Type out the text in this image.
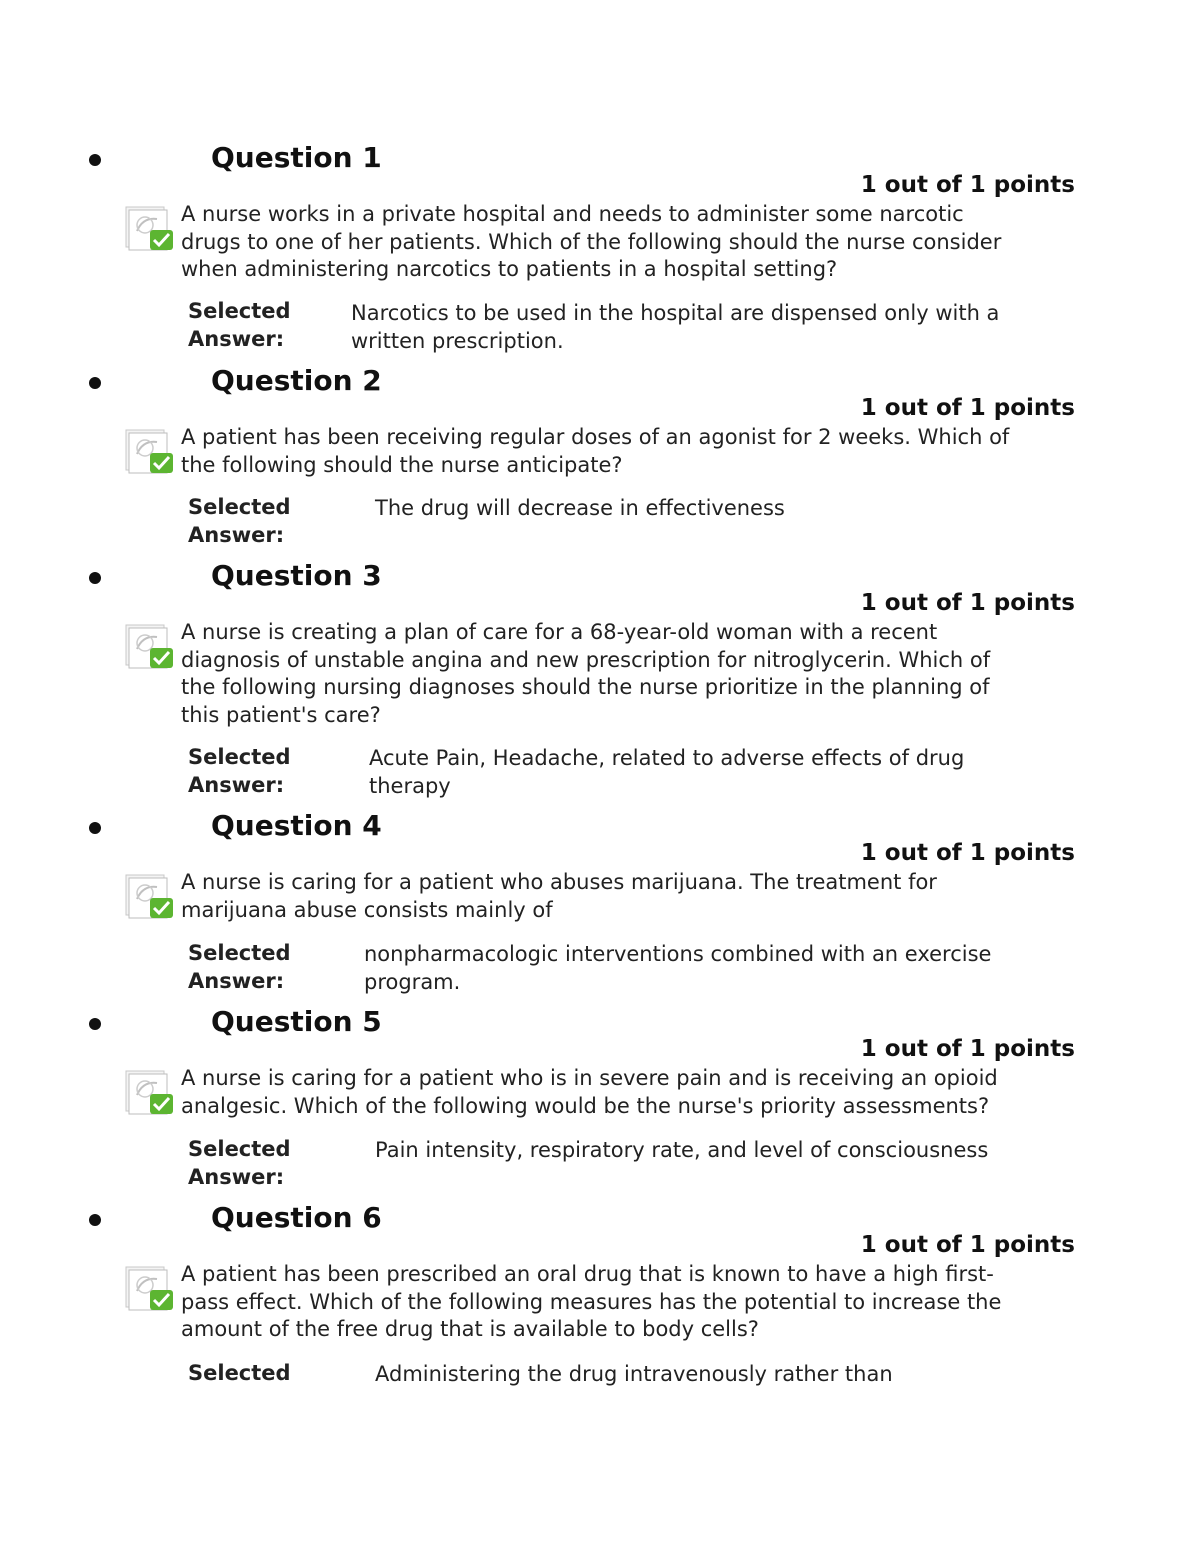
Question 1
1 out of 1 points
A nurse works in a private hospital and needs to administer some narcotic drugs to one of her patients. Which of the following should the nurse consider when administering narcotics to patients in a hospital setting?
Selected
Answer:
Narcotics to be used in the hospital are dispensed only with a written prescription.
Question 2
1 out of 1 points
A patient has been receiving regular doses of an agonist for 2 weeks. Which of the following should the nurse anticipate?
Selected
Answer:
The drug will decrease in effectiveness
Question 3
1 out of 1 points
A nurse is creating a plan of care for a 68-year-old woman with a recent diagnosis of unstable angina and new prescription for nitroglycerin. Which of the following nursing diagnoses should the nurse prioritize in the planning of this patient's care?
Selected
Answer:
Acute Pain, Headache, related to adverse effects of drug therapy
Question 4
1 out of 1 points
A nurse is caring for a patient who abuses marijuana. The treatment for marijuana abuse consists mainly of
Selected
Answer:
nonpharmacologic interventions combined with an exercise program.
Question 5
1 out of 1 points
A nurse is caring for a patient who is in severe pain and is receiving an opioid analgesic. Which of the following would be the nurse's priority assessments?
Selected
Answer:
Pain intensity, respiratory rate, and level of consciousness
Question 6
1 out of 1 points
A patient has been prescribed an oral drug that is known to have a high first-pass effect. Which of the following measures has the potential to increase the amount of the free drug that is available to body cells?
Selected	Administering the drug intravenously rather than
